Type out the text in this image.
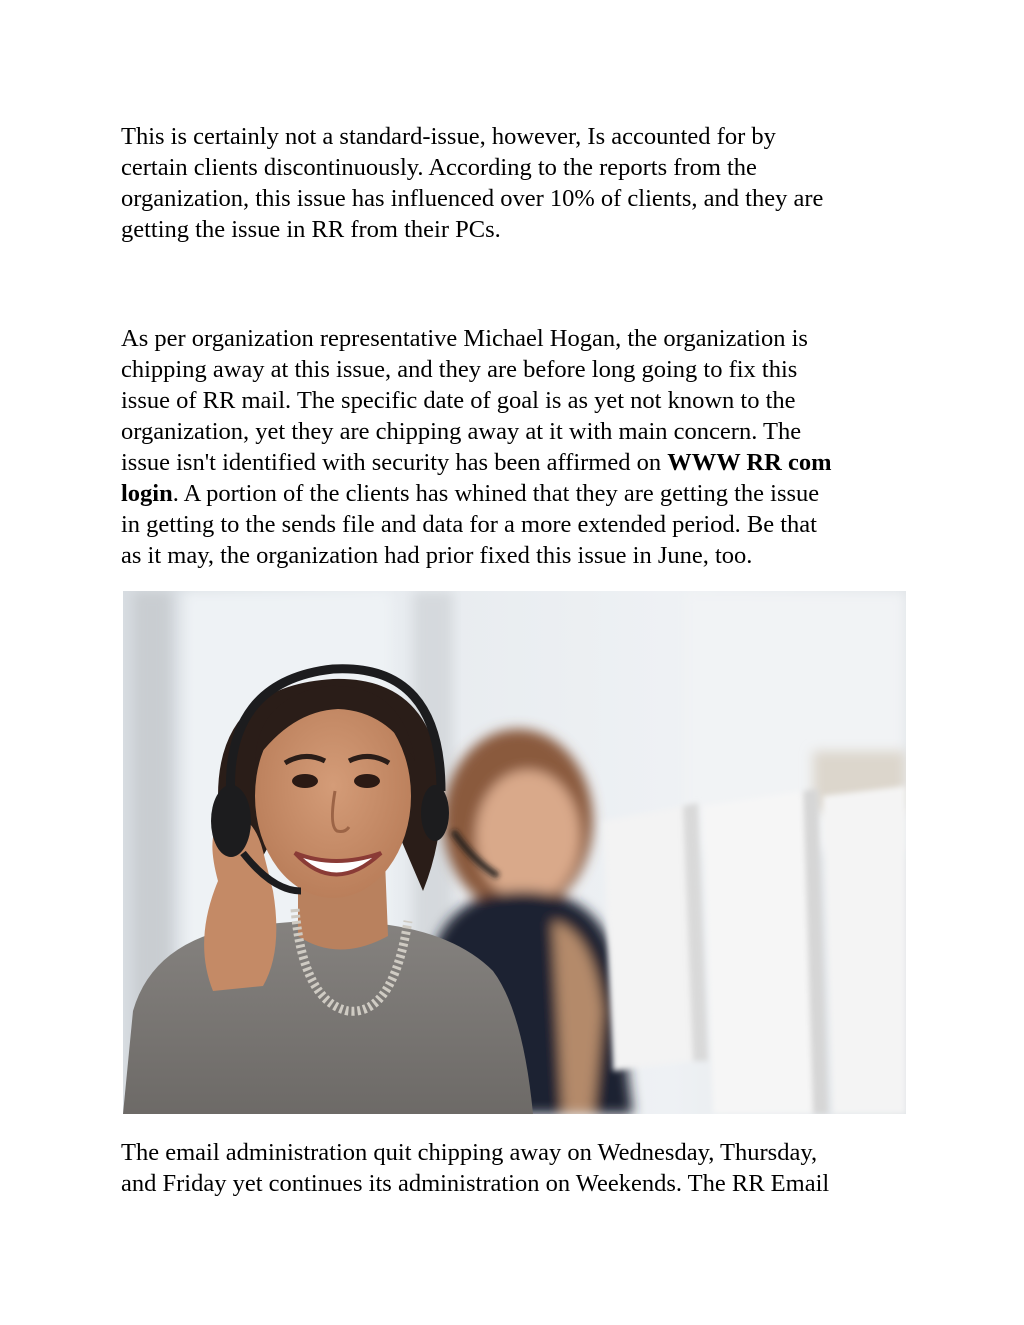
This is certainly not a standard-issue, however, Is accounted for by
certain clients discontinuously. According to the reports from the
organization, this issue has influenced over 10% of clients, and they are
getting the issue in RR from their PCs.

As per organization representative Michael Hogan, the organization is
chipping away at this issue, and they are before long going to fix this
issue of RR mail. The specific date of goal is as yet not known to the
organization, yet they are chipping away at it with main concern. The
issue isn't identified with security has been affirmed on WWW RR com
login. A portion of the clients has whined that they are getting the issue
in getting to the sends file and data for a more extended period. Be that
as it may, the organization had prior fixed this issue in June, too.

The email administration quit chipping away on Wednesday, Thursday,
and Friday yet continues its administration on Weekends. The RR Email
